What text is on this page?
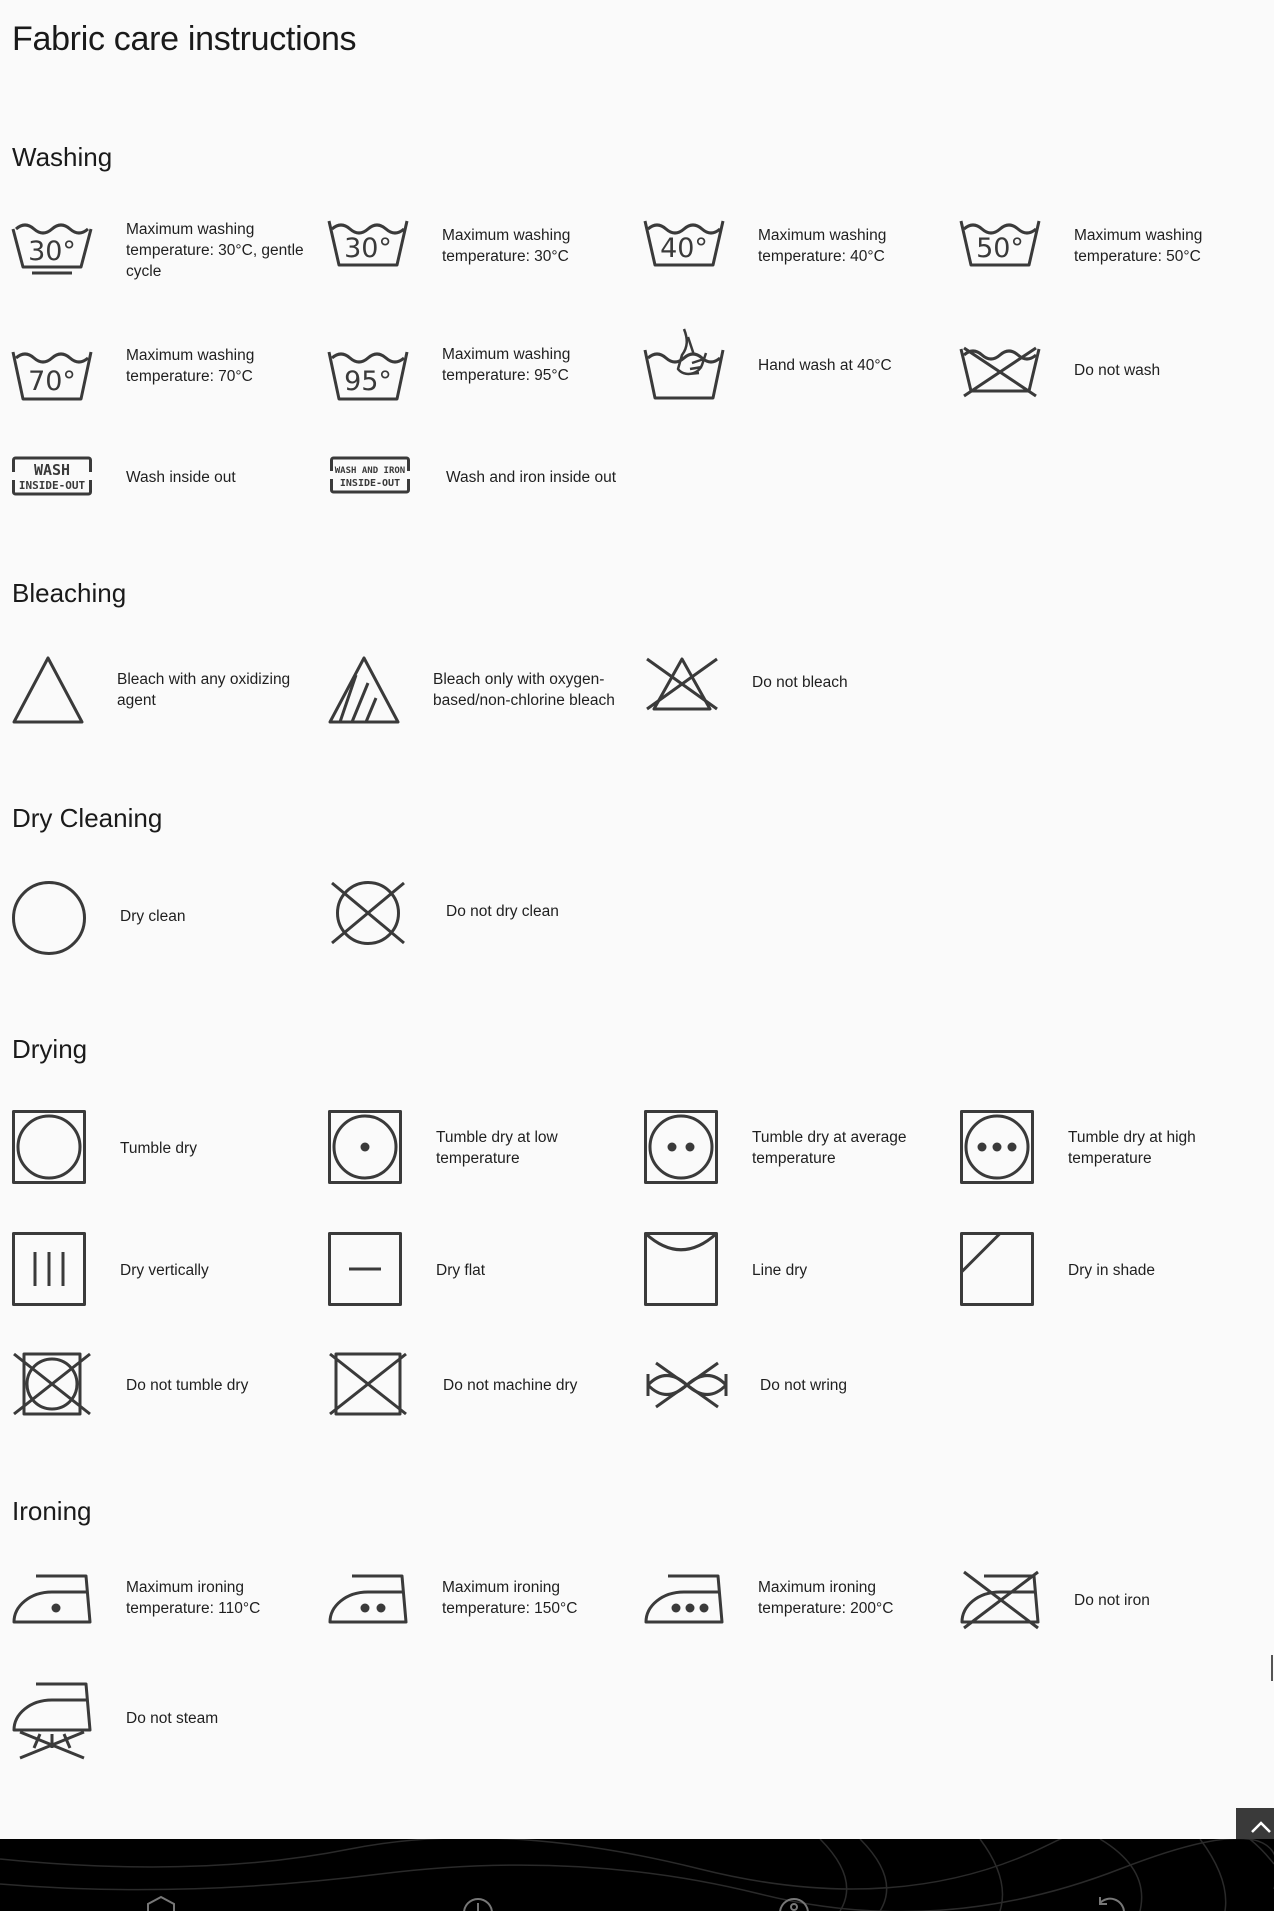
Fabric care instructions
Washing
30°
Maximum washing temperature: 30°C, gentle cycle
30°	Maximum washing temperature: 30°C	40°	Maximum washing temperature: 40°C	50°	Maximum washing temperature: 50°C
70°
Maximum washing temperature: 70°C	95°
Maximum washing temperature: 95°C
Hand wash at 40°C	Do not wash
WASH
INSIDE-OUT	Wash inside out	WASH AND IRON
INSIDE-OUT	Wash and iron inside out
Bleaching
Bleach with any oxidizing agent
Bleach only with oxygen-based/non-chlorine bleach
Do not bleach
Dry Cleaning
Dry clean	Do not dry clean
Drying
Tumble dry
Tumble dry at low temperature
Tumble dry at average temperature
Tumble dry at high temperature
Dry vertically	Dry flat	Line dry	Dry in shade
Do not tumble dry	Do not machine dry	Do not wring
Ironing
Maximum ironing temperature: 110°C
Maximum ironing temperature: 150°C
Maximum ironing temperature: 200°C	Do not iron
Do not steam
